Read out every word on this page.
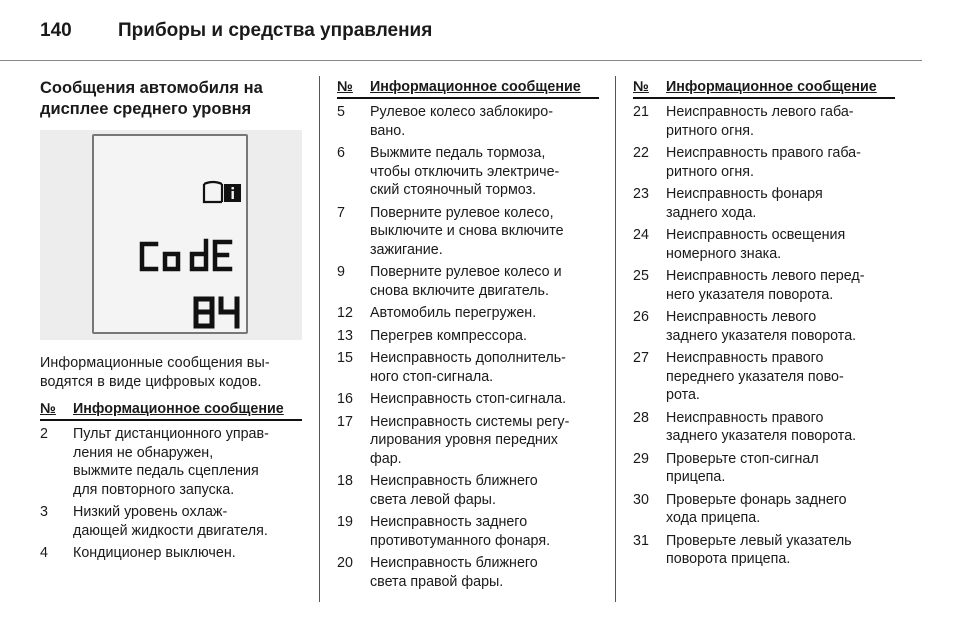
140 Приборы и средства управления
Сообщения автомобиля на
дисплее среднего уровня
Информационные сообщения вы-
водятся в виде цифровых кодов.
№ Информационное сообщение
2 Пульт дистанционного управ-
ления не обнаружен,
выжмите педаль сцепления
для повторного запуска.
3 Низкий уровень охлаж-
дающей жидкости двигателя.
4 Кондиционер выключен.
№ Информационное сообщение
5 Рулевое колесо заблокиро-
вано.
6 Выжмите педаль тормоза,
чтобы отключить электриче-
ский стояночный тормоз.
7 Поверните рулевое колесо,
выключите и снова включите
зажигание.
9 Поверните рулевое колесо и
снова включите двигатель.
12 Автомобиль перегружен.
13 Перегрев компрессора.
15 Неисправность дополнитель-
ного стоп-сигнала.
16 Неисправность стоп-сигнала.
17 Неисправность системы регу-
лирования уровня передних
фар.
18 Неисправность ближнего
света левой фары.
19 Неисправность заднего
противотуманного фонаря.
20 Неисправность ближнего
света правой фары.
№ Информационное сообщение
21 Неисправность левого габа-
ритного огня.
22 Неисправность правого габа-
ритного огня.
23 Неисправность фонаря
заднего хода.
24 Неисправность освещения
номерного знака.
25 Неисправность левого перед-
него указателя поворота.
26 Неисправность левого
заднего указателя поворота.
27 Неисправность правого
переднего указателя пово-
рота.
28 Неисправность правого
заднего указателя поворота.
29 Проверьте стоп-сигнал
прицепа.
30 Проверьте фонарь заднего
хода прицепа.
31 Проверьте левый указатель
поворота прицепа.
